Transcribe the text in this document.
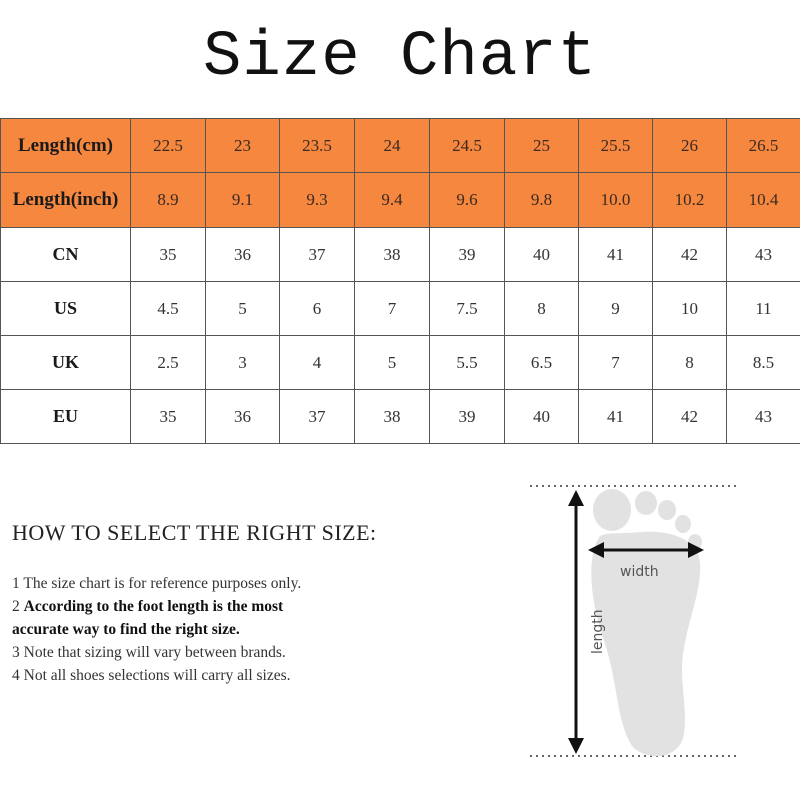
Size Chart
Length(cm)	22.5	23	23.5	24	24.5	25	25.5	26	26.5
Length(inch)	8.9	9.1	9.3	9.4	9.6	9.8	10.0	10.2	10.4
CN	35	36	37	38	39	40	41	42	43
US	4.5	5	6	7	7.5	8	9	10	11
UK	2.5	3	4	5	5.5	6.5	7	8	8.5
EU	35	36	37	38	39	40	41	42	43
HOW TO SELECT THE RIGHT SIZE:
1 The size chart is for reference purposes only.
2 According to the foot length is the most
accurate way to find the right size.
3 Note that sizing will vary between brands.
4 Not all shoes selections will carry all sizes.
width
length
